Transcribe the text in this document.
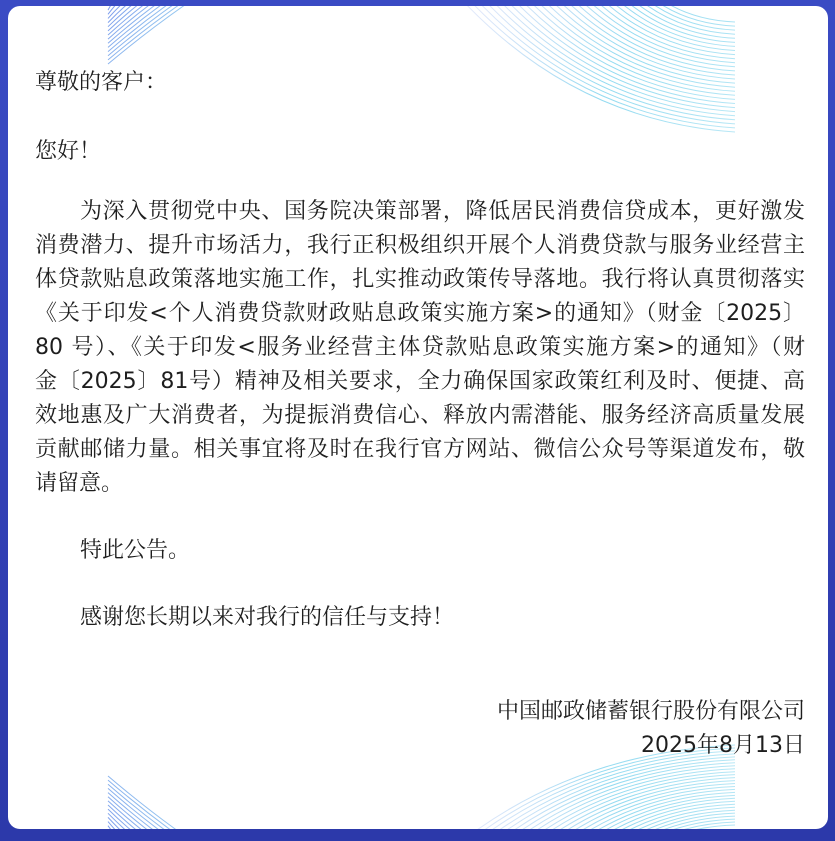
尊敬的客户：
您好！
为深入贯彻党中央、国务院决策部署，降低居民消费信贷成本，更好激发
消费潜力、提升市场活力，我行正积极组织开展个人消费贷款与服务业经营主
体贷款贴息政策落地实施工作，扎实推动政策传导落地。我行将认真贯彻落实
《关于印发<个人消费贷款财政贴息政策实施方案>的通知》（财金〔2025〕
80 号）、《关于印发<服务业经营主体贷款贴息政策实施方案>的通知》（财
金〔2025〕81号）精神及相关要求，全力确保国家政策红利及时、便捷、高
效地惠及广大消费者，为提振消费信心、释放内需潜能、服务经济高质量发展
贡献邮储力量。相关事宜将及时在我行官方网站、微信公众号等渠道发布，敬
请留意。
特此公告。
感谢您长期以来对我行的信任与支持！
中国邮政储蓄银行股份有限公司
2025年8月13日
